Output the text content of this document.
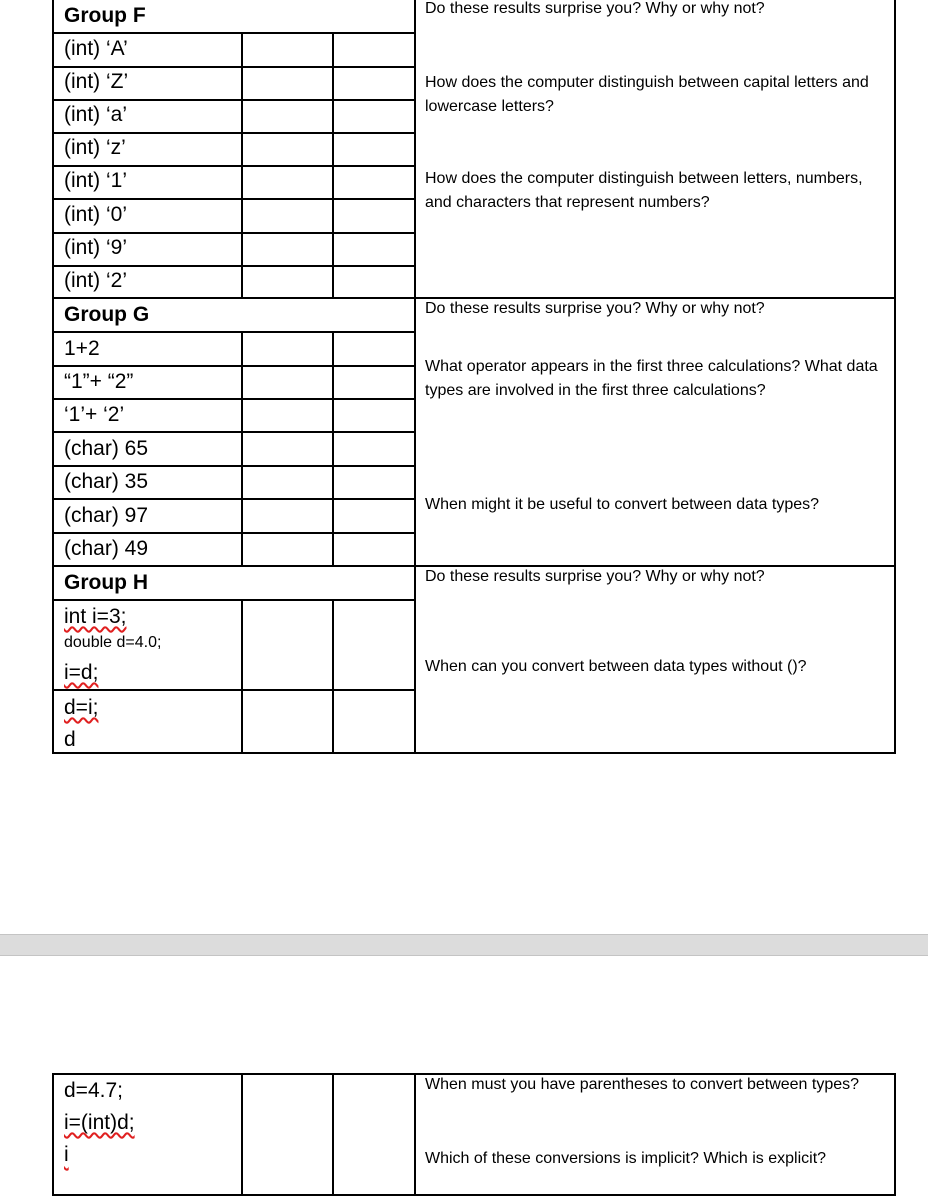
Group F
(int) ‘A’
(int) ‘Z’
(int) ‘a’
(int) ‘z’
(int) ‘1’
(int) ‘0’
(int) ‘9’
(int) ‘2’
Do these results surprise you? Why or why not?
How does the computer distinguish between capital letters and lowercase letters?
How does the computer distinguish between letters, numbers, and characters that represent numbers?
Group G
1+2
“1”+ “2”
‘1’+ ‘2’
(char) 65
(char) 35
(char) 97
(char) 49
Do these results surprise you? Why or why not?
What operator appears in the first three calculations? What data types are involved in the first three calculations?
When might it be useful to convert between data types?
Group H
int i=3;
double d=4.0;
i=d;
d=i;
d
Do these results surprise you? Why or why not?
When can you convert between data types without ()?
d=4.7;
i=(int)d;
i
When must you have parentheses to convert between types?
Which of these conversions is implicit? Which is explicit?
